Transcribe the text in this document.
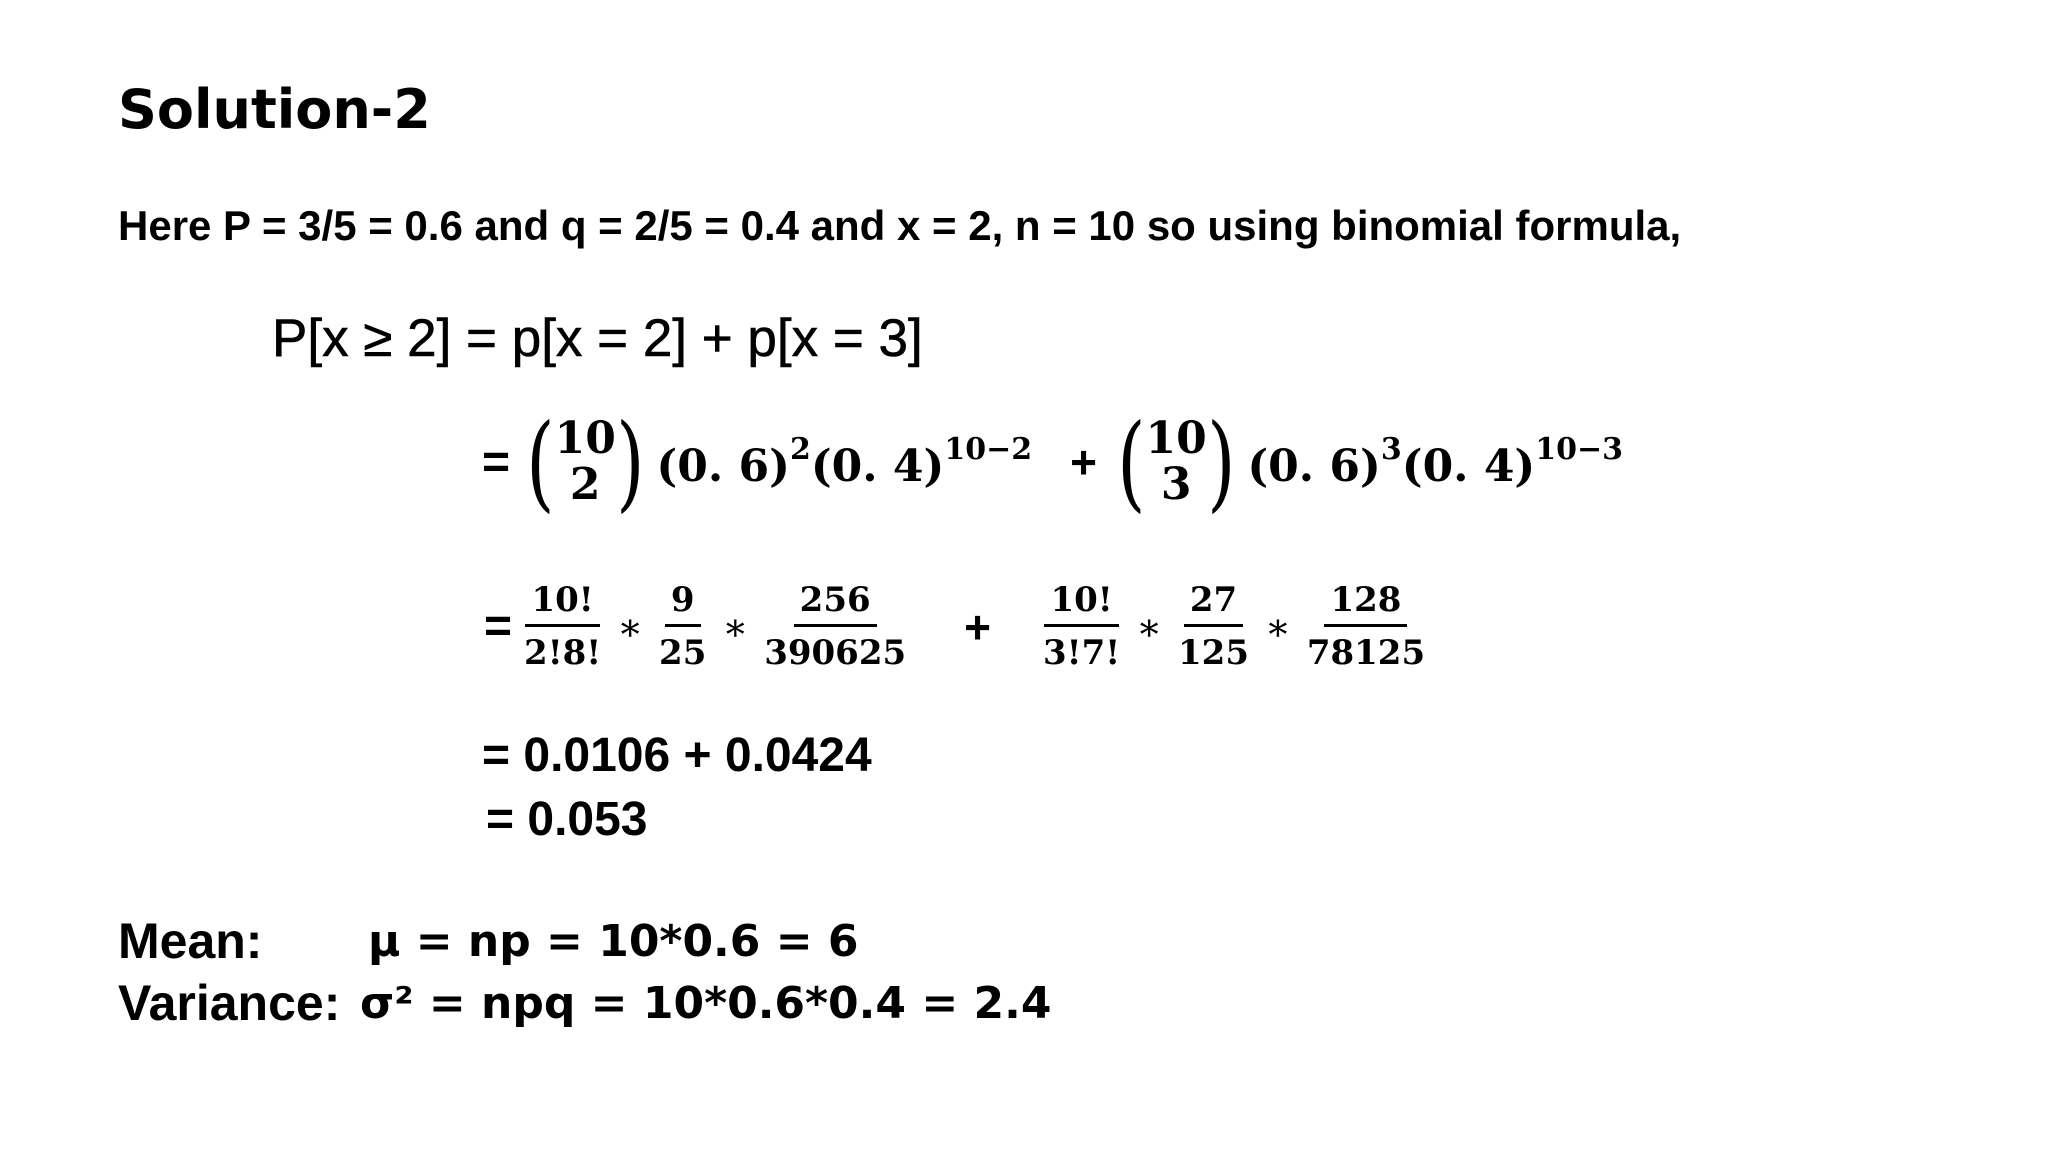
Solution-2
Here P = 3/5 = 0.6 and q = 2/5 = 0.4 and x = 2, n = 10 so using binomial formula,
P[x ≥ 2] = p[x = 2] + p[x = 3]
= ( 10
2 ) (0. 6)$^2$(0. 4)$^{10-2}$ + ( 10
3 ) (0. 6)$^3$(0. 4)$^{10-3}$
= $\frac{10!}{2!8!}$ ∗ $\frac{9}{25}$ ∗ $\frac{256}{390625} + \frac{10!}{3!7!}$ ∗ $\frac{27}{125}$ ∗ $\frac{128}{78125}$
= 0.0106 + 0.0424
= 0.053
Mean: μ = np = 10*0.6 = 6
Variance: σ² = npq = 10*0.6*0.4 = 2.4
